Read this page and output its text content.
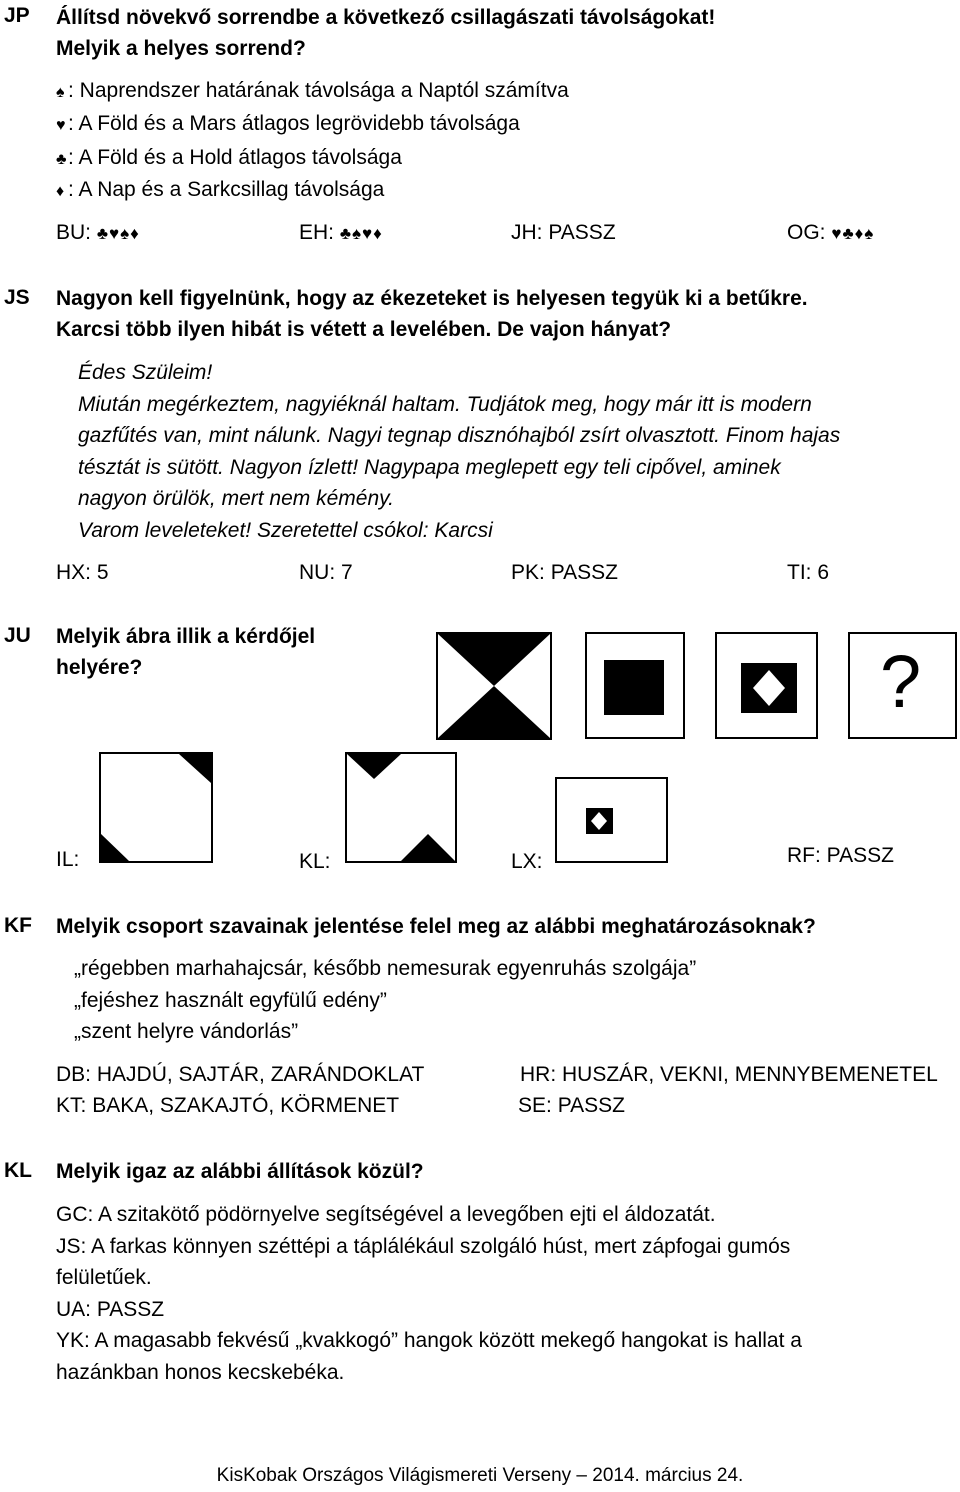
JP Állítsd növekvő sorrendbe a következő csillagászati távolságokat!
Melyik a helyes sorrend?
♠ : Naprendszer határának távolsága a Naptól számítva
♥ : A Föld és a Mars átlagos legrövidebb távolsága
♣: A Föld és a Hold átlagos távolsága
♦ : A Nap és a Sarkcsillag távolsága
BU: ♣♥♠♦	EH: ♣♠♥♦	JH: PASSZ	OG: ♥♣♦♠
JS Nagyon kell figyelnünk, hogy az ékezeteket is helyesen tegyük ki a betűkre.
Karcsi több ilyen hibát is vétett a levelében. De vajon hányat?
Édes Szüleim!
Miután megérkeztem, nagyiéknál haltam. Tudjátok meg, hogy már itt is modern
gazfűtés van, mint nálunk. Nagyi tegnap disznóhajból zsírt olvasztott. Finom hajas
tésztát is sütött. Nagyon ízlett! Nagypapa meglepett egy teli cipővel, aminek
nagyon örülök, mert nem kémény.
Varom leveleteket! Szeretettel csókol: Karcsi
HX: 5	NU: 7	PK: PASSZ	TI: 6
JU Melyik ábra illik a kérdőjel
helyére?	?
IL:	KL:	LX:	RF: PASSZ
KF Melyik csoport szavainak jelentése felel meg az alábbi meghatározásoknak?
„régebben marhahajcsár, később nemesurak egyenruhás szolgája”
„fejéshez használt egyfülű edény”
„szent helyre vándorlás”
DB: HAJDÚ, SAJTÁR, ZARÁNDOKLAT	HR: HUSZÁR, VEKNI, MENNYBEMENETEL
KT: BAKA, SZAKAJTÓ, KÖRMENET	SE: PASSZ
KL Melyik igaz az alábbi állítások közül?
GC: A szitakötő pödörnyelve segítségével a levegőben ejti el áldozatát.
JS: A farkas könnyen széttépi a táplálékául szolgáló húst, mert zápfogai gumós
felületűek.
UA: PASSZ
YK: A magasabb fekvésű „kvakkogó” hangok között mekegő hangokat is hallat a
hazánkban honos kecskebéka.
KisKobak Országos Világismereti Verseny – 2014. március 24.
